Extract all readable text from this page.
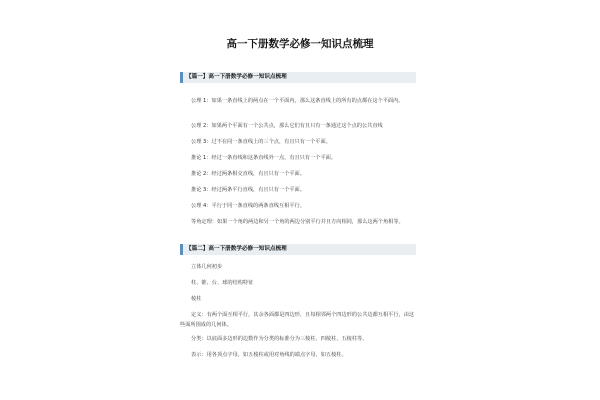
高一下册数学必修一知识点梳理
【篇一】高一下册数学必修一知识点梳理

公理 1：如果一条直线上的两点在一个平面内，那么这条直线上的所有的点都在这个平面内。

公理 2：如果两个平面有一个公共点，那么它们有且只有一条通过这个点的公共直线

公理 3：过不在同一条直线上的三个点，有且只有一个平面。

推论 1：经过一条直线和这条直线外一点，有且只有一个平面。

推论 2：经过两条相交直线，有且只有一个平面。

推论 3：经过两条平行直线，有且只有一个平面。

公理 4：平行于同一条直线的两条直线互相平行。

等角定理：如果一个角的两边和另一个角的两边分别平行并且方向相同，那么这两个角相等。

【篇二】高一下册数学必修一知识点梳理

立体几何初步

柱、锥、台、球的结构特征

棱柱

定义：有两个面互相平行，其余各面都是四边形，且每相邻两个四边形的公共边都互相平行，由这些面所围成的几何体。

分类：以底面多边形的边数作为分类的标准分为三棱柱、四棱柱、五棱柱等。

表示：用各顶点字母，如五棱柱或用对角线的端点字母，如五棱柱。
